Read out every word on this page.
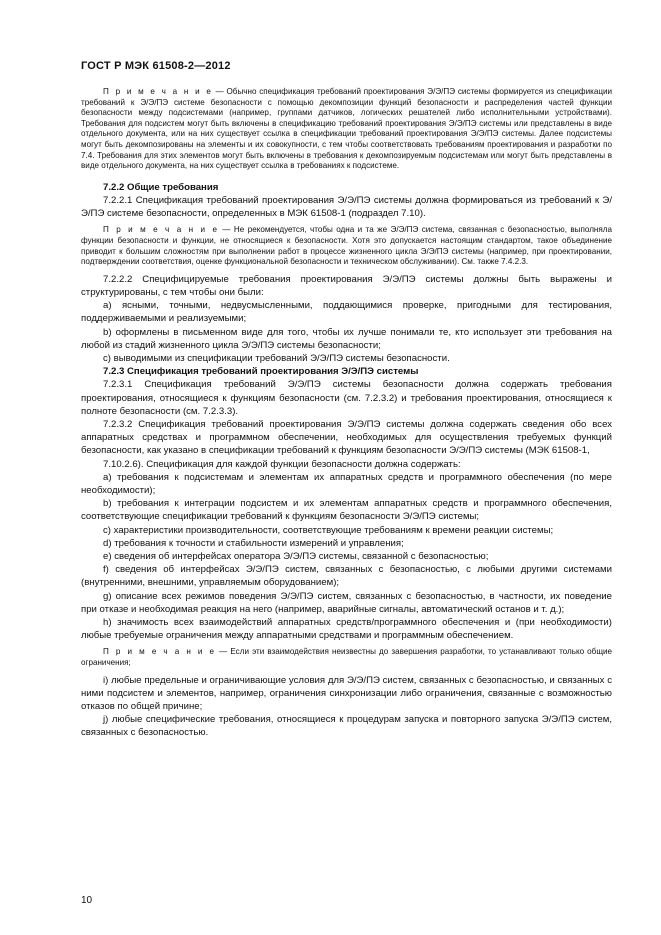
ГОСТ Р МЭК 61508-2—2012

П р и м е ч а н и е — Обычно спецификация требований проектирования Э/Э/ПЭ системы формируется из спецификации требований к Э/Э/ПЭ системе безопасности с помощью декомпозиции функций безопасности и распределения частей функции безопасности между подсистемами (например, группами датчиков, логических решателей либо исполнительными устройствами). Требования для подсистем могут быть включены в спецификацию требований проектирования Э/Э/ПЭ системы или представлены в виде отдельного документа, или на них существует ссылка в спецификации требований проектирования Э/Э/ПЭ системы. Далее подсистемы могут быть декомпозированы на элементы и их совокупности, с тем чтобы соответствовать требованиям проектирования и разработки по 7.4. Требования для этих элементов могут быть включены в требования к декомпозируемым подсистемам или могут быть представлены в виде отдельного документа, на них существует ссылка в требованиях к подсистеме.

7.2.2 Общие требования

7.2.2.1 Спецификация требований проектирования Э/Э/ПЭ системы должна формироваться из требований к Э/Э/ПЭ системе безопасности, определенных в МЭК 61508-1 (подраздел 7.10).

П р и м е ч а н и е — Не рекомендуется, чтобы одна и та же Э/Э/ПЭ система, связанная с безопасностью, выполняла функции безопасности и функции, не относящиеся к безопасности. Хотя это допускается настоящим стандартом, такое объединение приводит к большим сложностям при выполнении работ в процессе жизненного цикла Э/Э/ПЭ системы (например, при проектировании, подтверждении соответствия, оценке функциональной безопасности и техническом обслуживании). См. также 7.4.2.3.

7.2.2.2 Специфицируемые требования проектирования Э/Э/ПЭ системы должны быть выражены и структурированы, с тем чтобы они были:

a) ясными, точными, недвусмысленными, поддающимися проверке, пригодными для тестирования, поддерживаемыми и реализуемыми;

b) оформлены в письменном виде для того, чтобы их лучше понимали те, кто использует эти требования на любой из стадий жизненного цикла Э/Э/ПЭ системы безопасности;

c) выводимыми из спецификации требований Э/Э/ПЭ системы безопасности.

7.2.3 Спецификация требований проектирования Э/Э/ПЭ системы

7.2.3.1 Спецификация требований Э/Э/ПЭ системы безопасности должна содержать требования проектирования, относящиеся к функциям безопасности (см. 7.2.3.2) и требования проектирования, относящиеся к полноте безопасности (см. 7.2.3.3).

7.2.3.2 Спецификация требований проектирования Э/Э/ПЭ системы должна содержать сведения обо всех аппаратных средствах и программном обеспечении, необходимых для осуществления требуемых функций безопасности, как указано в спецификации требований к функциям безопасности Э/Э/ПЭ системы (МЭК 61508-1,

7.10.2.6). Спецификация для каждой функции безопасности должна содержать:

a) требования к подсистемам и элементам их аппаратных средств и программного обеспечения (по мере необходимости);

b) требования к интеграции подсистем и их элементам аппаратных средств и программного обеспечения, соответствующие спецификации требований к функциям безопасности Э/Э/ПЭ системы;

c) характеристики производительности, соответствующие требованиям к времени реакции системы;

d) требования к точности и стабильности измерений и управления;

e) сведения об интерфейсах оператора Э/Э/ПЭ системы, связанной с безопасностью;

f) сведения об интерфейсах Э/Э/ПЭ систем, связанных с безопасностью, с любыми другими системами (внутренними, внешними, управляемым оборудованием);

g) описание всех режимов поведения Э/Э/ПЭ систем, связанных с безопасностью, в частности, их поведение при отказе и необходимая реакция на него (например, аварийные сигналы, автоматический останов и т. д.);

h) значимость всех взаимодействий аппаратных средств/программного обеспечения и (при необходимости) любые требуемые ограничения между аппаратными средствами и программным обеспечением.

П р и м е ч а н и е — Если эти взаимодействия неизвестны до завершения разработки, то устанавливают только общие ограничения;

i) любые предельные и ограничивающие условия для Э/Э/ПЭ систем, связанных с безопасностью, и связанных с ними подсистем и элементов, например, ограничения синхронизации либо ограничения, связанные с возможностью отказов по общей причине;

j) любые специфические требования, относящиеся к процедурам запуска и повторного запуска Э/Э/ПЭ систем, связанных с безопасностью.

10
